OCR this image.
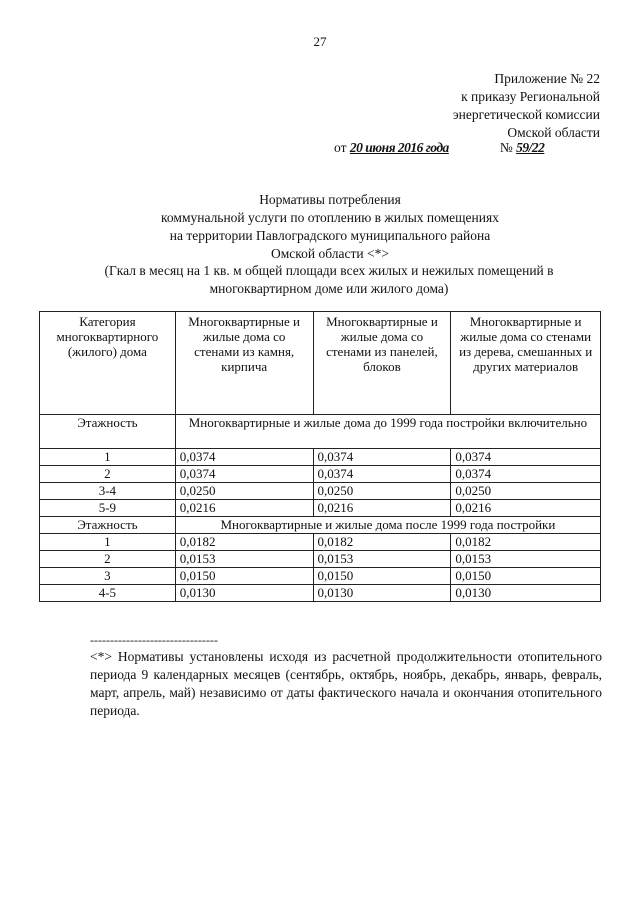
27
Приложение № 22
к приказу Региональной
энергетической комиссии
Омской области
от 20 июня 2016 года	№ 59/22
Нормативы потребления
коммунальной услуги по отоплению в жилых помещениях
на территории Павлоградского муниципального района
Омской области <*>
(Гкал в месяц на 1 кв. м общей площади всех жилых и нежилых помещений в
многоквартирном доме или жилого дома)
Категория многоквартирного (жилого) дома	Многоквартирные и жилые дома со стенами из камня, кирпича	Многоквартирные и жилые дома со стенами из панелей, блоков	Многоквартирные и жилые дома со стенами из дерева, смешанных и других материалов
Этажность	Многоквартирные и жилые дома до 1999 года постройки включительно		
1	0,0374	0,0374	0,0374
2	0,0374	0,0374	0,0374
3-4	0,0250	0,0250	0,0250
5-9	0,0216	0,0216	0,0216
Этажность	Многоквартирные и жилые дома после 1999 года постройки		
1	0,0182	0,0182	0,0182
2	0,0153	0,0153	0,0153
3	0,0150	0,0150	0,0150
4-5	0,0130	0,0130	0,0130
--------------------------------
<*> Нормативы установлены исходя из расчетной продолжительности отопительного периода 9 календарных месяцев (сентябрь, октябрь, ноябрь, декабрь, январь, февраль, март, апрель, май) независимо от даты фактического начала и окончания отопительного периода.
